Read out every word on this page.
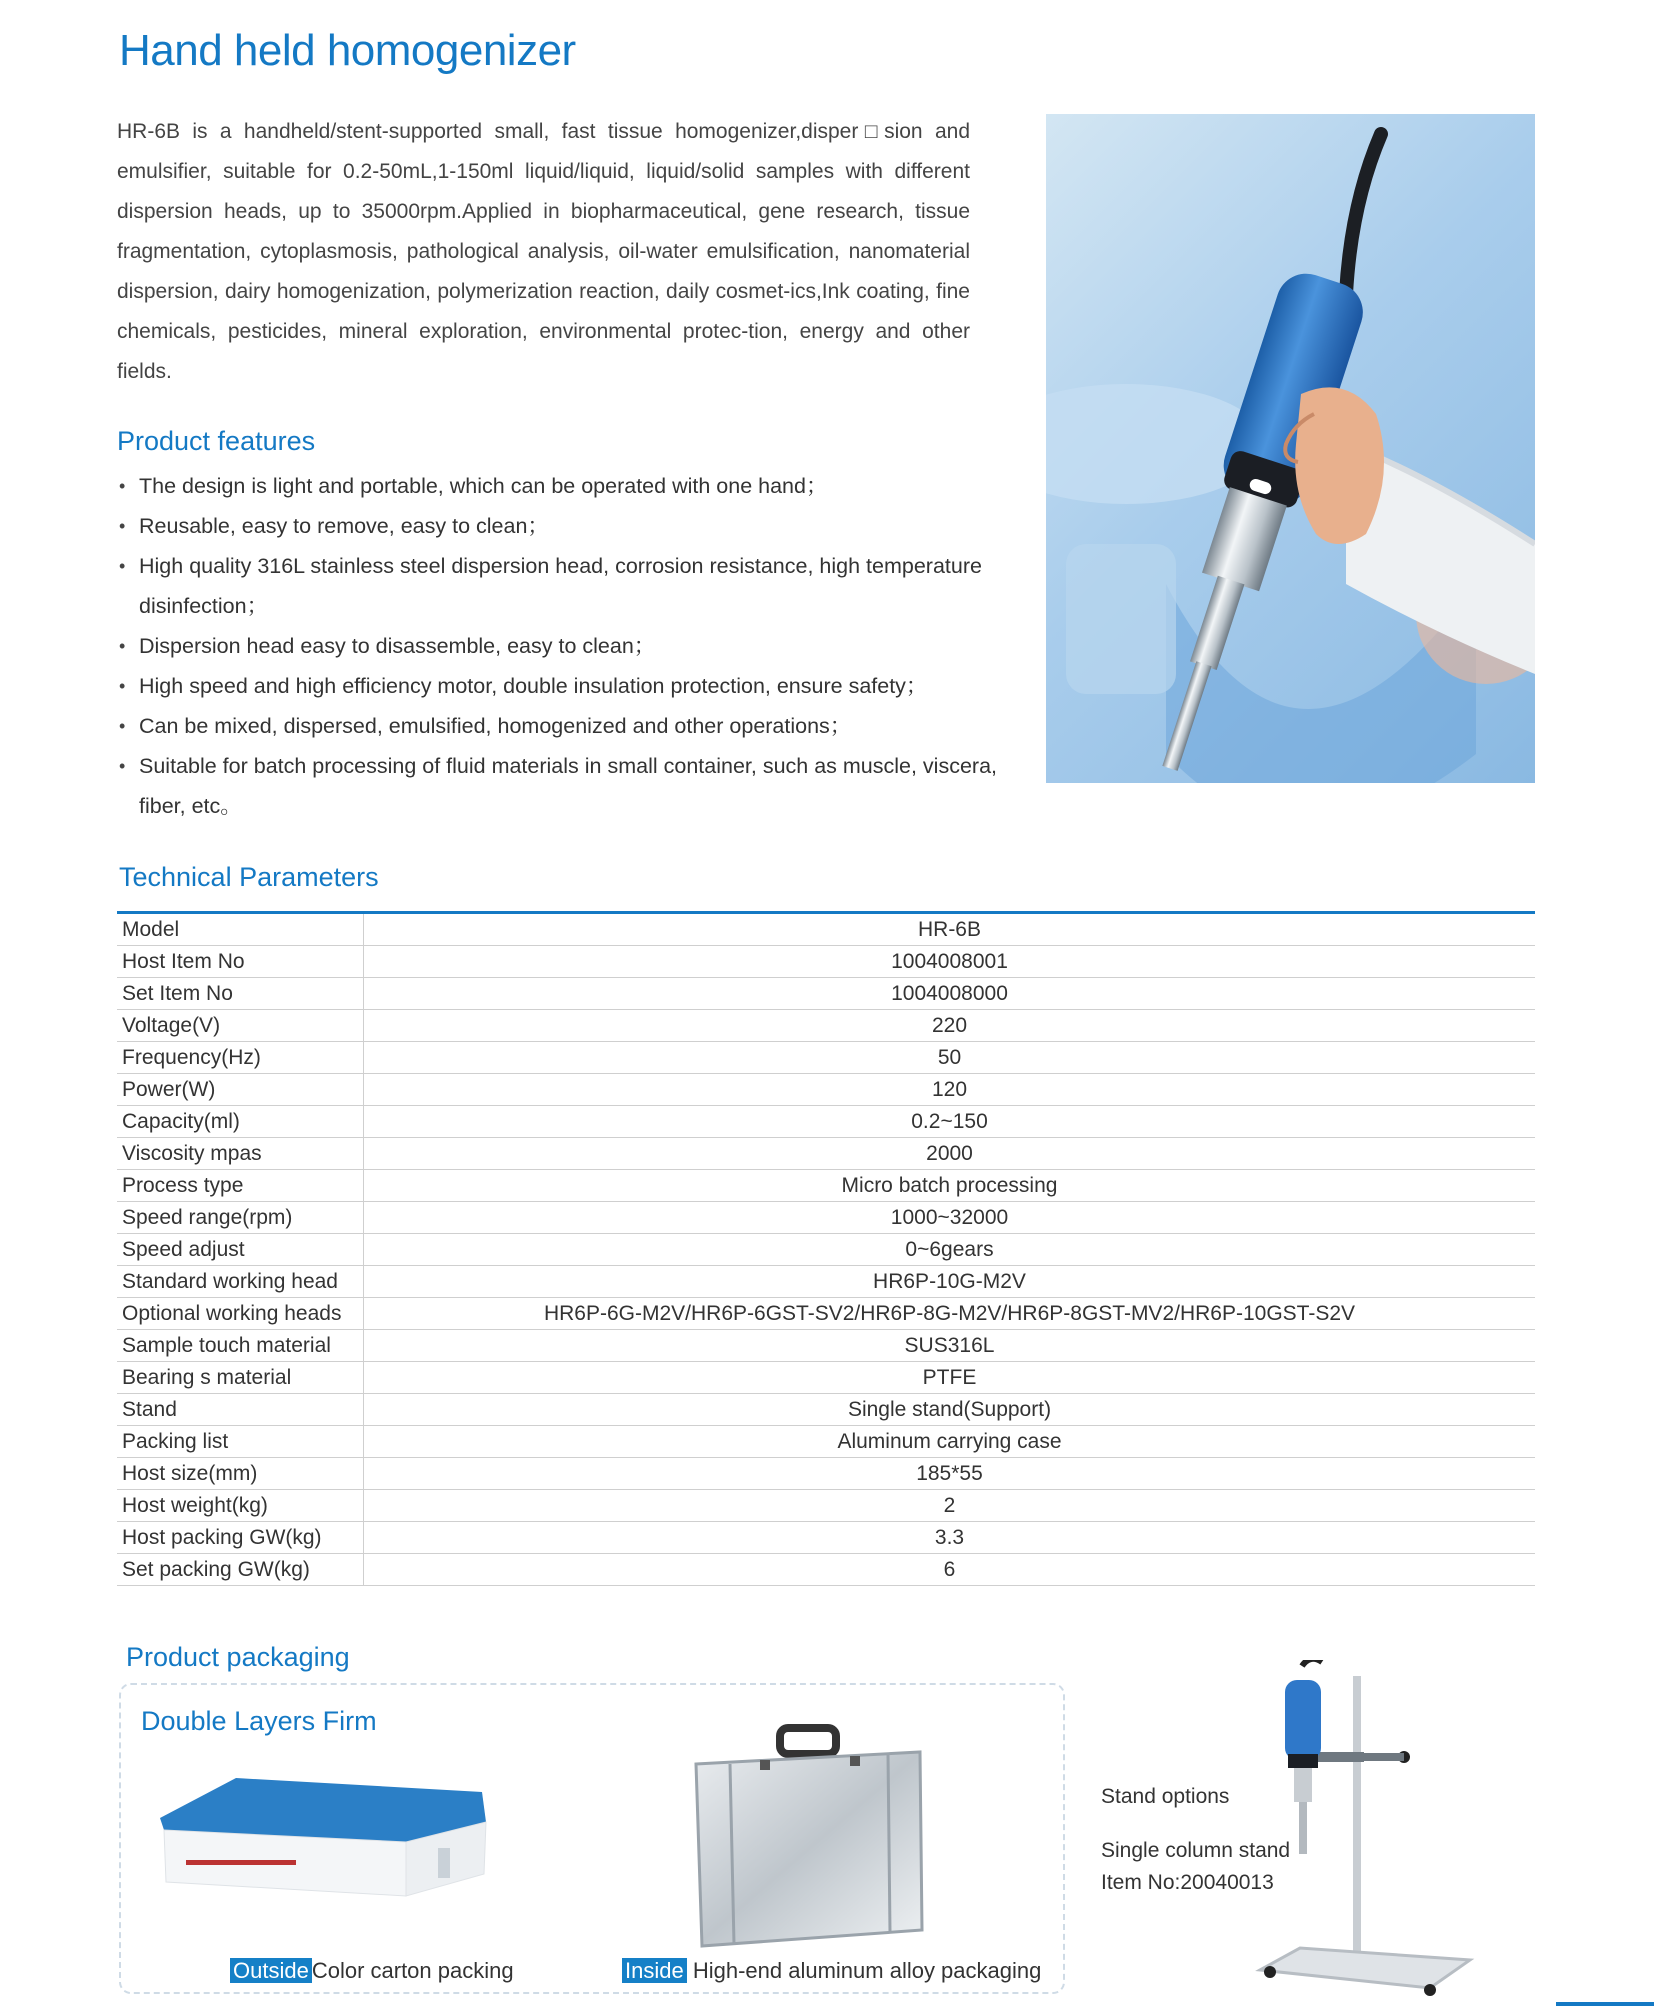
Hand held homogenizer
HR-6B is a handheld/stent-supported small, fast tissue homogenizer,disper□sion and emulsifier, suitable for 0.2-50mL,1-150ml liquid/liquid, liquid/solid samples with different dispersion heads, up to 35000rpm.Applied in biopharmaceutical, gene research, tissue fragmentation, cytoplasmosis, pathological analysis, oil-water emulsification, nanomaterial dispersion, dairy homogenization, polymerization reaction, daily cosmet-ics,Ink coating, fine chemicals, pesticides, mineral exploration, environmental protec-tion, energy and other fields.
Product features
• The design is light and portable, which can be operated with one hand；
• Reusable, easy to remove, easy to clean；
• High quality 316L stainless steel dispersion head, corrosion resistance, high temperature disinfection；
• Dispersion head easy to disassemble, easy to clean；
• High speed and high efficiency motor, double insulation protection, ensure safety；
• Can be mixed, dispersed, emulsified, homogenized and other operations；
• Suitable for batch processing of fluid materials in small container, such as muscle, viscera, fiber, etc。
Technical Parameters
Model	HR-6B
Host Item No	1004008001
Set Item No	1004008000
Voltage(V)	220
Frequency(Hz)	50
Power(W)	120
Capacity(ml)	0.2~150
Viscosity mpas	2000
Process type	Micro batch processing
Speed range(rpm)	1000~32000
Speed adjust	0~6gears
Standard working head	HR6P-10G-M2V
Optional working heads	HR6P-6G-M2V/HR6P-6GST-SV2/HR6P-8G-M2V/HR6P-8GST-MV2/HR6P-10GST-S2V
Sample touch material	SUS316L
Bearing s material	PTFE
Stand	Single stand(Support)
Packing list	Aluminum carrying case
Host size(mm)	185*55
Host weight(kg)	2
Host packing GW(kg)	3.3
Set packing GW(kg)	6
Product packaging
Double Layers Firm
Outside Color carton packing	Inside High-end aluminum alloy packaging
Stand options
Single column stand
Item No:20040013
